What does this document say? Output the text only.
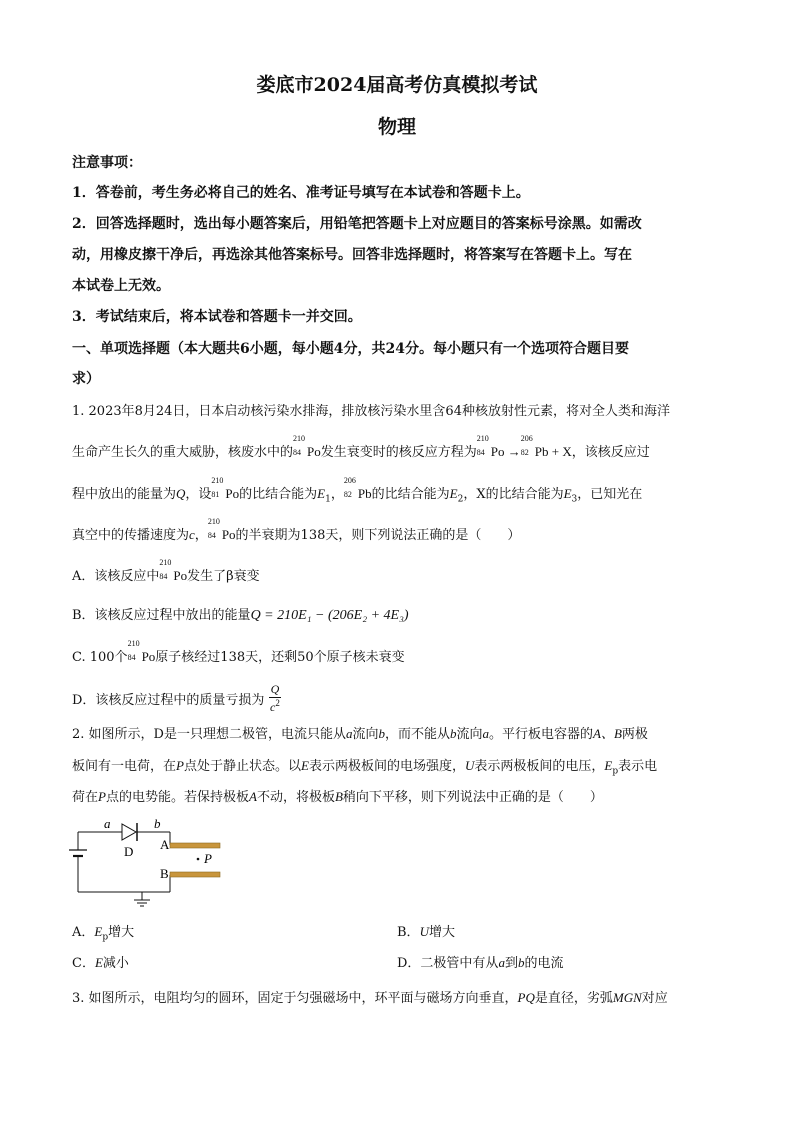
娄底市2024届高考仿真模拟考试
物理
注意事项：
1．答卷前，考生务必将自己的姓名、准考证号填写在本试卷和答题卡上。
2．回答选择题时，选出每小题答案后，用铅笔把答题卡上对应题目的答案标号涂黑。如需改
动，用橡皮擦干净后，再选涂其他答案标号。回答非选择题时，将答案写在答题卡上。写在
本试卷上无效。
3．考试结束后，将本试卷和答题卡一并交回。
一、单项选择题（本大题共6小题，每小题4分，共24分。每小题只有一个选项符合题目要
求）
1. 2023年8月24日，日本启动核污染水排海，排放核污染水里含64种核放射性元素，将对全人类和海洋
生命产生长久的重大威胁，核废水中的
210
84 Po发生衰变时的核反应方程为
210
84 Po →
206
82 Pb + X，该核反应过
程中放出的能量为Q，设
210
81 Po的比结合能为$E_1$，
206
82 Pb的比结合能为$E_2$，X的比结合能为$E_3$，已知光在
真空中的传播速度为c，
210
84 Po的半衰期为138天，则下列说法正确的是（　　）
A．该核反应中
210
84 Po发生了β衰变
B．该核反应过程中放出的能量Q = 210E₁ − (206E₂ + 4E₃)
C. 100个
210
84 Po原子核经过138天，还剩50个原子核未衰变
D．该核反应过程中的质量亏损为 $\frac{Q}{c^2}$
2. 如图所示，D是一只理想二极管，电流只能从a流向b，而不能从b流向a。平行板电容器的A、B两极
板间有一电荷，在P点处于静止状态。以E表示两极板间的电场强度，U表示两极板间的电压，$E_p$表示电
荷在P点的电势能。若保持极板A不动，将极板B稍向下平移，则下列说法中正确的是（　　）
a	b
D A
B
P
A．$E_p$增大	B．U增大
C．E减小	D．二极管中有从a到b的电流
3. 如图所示，电阻均匀的圆环，固定于匀强磁场中，环平面与磁场方向垂直，PQ是直径，劣弧MGN对应
